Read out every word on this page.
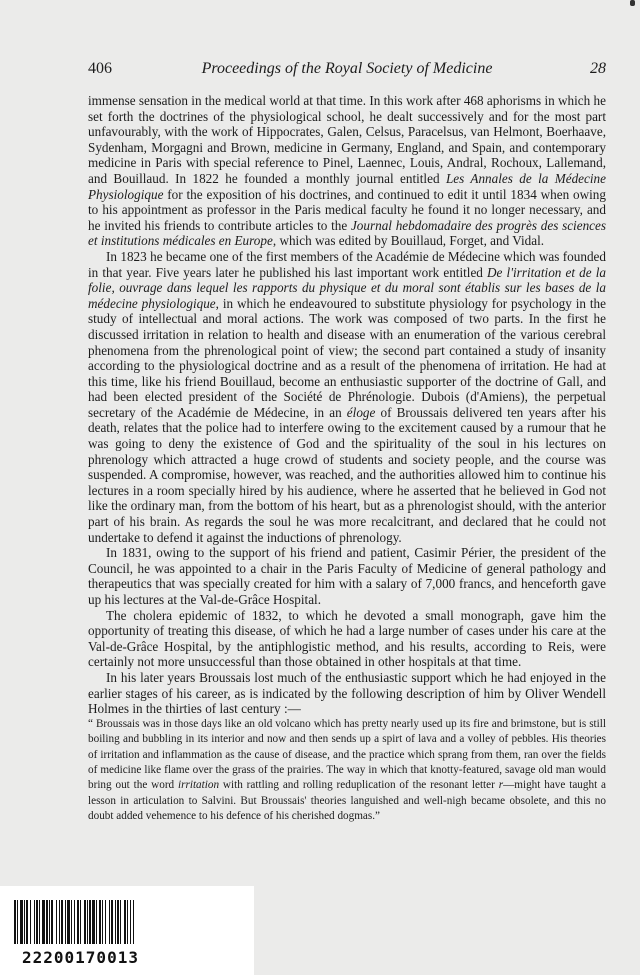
406	Proceedings of the Royal Society of Medicine	28

immense sensation in the medical world at that time. In this work after 468 aphorisms in which he set forth the doctrines of the physiological school, he dealt successively and for the most part unfavourably, with the work of Hippocrates, Galen, Celsus, Paracelsus, van Helmont, Boerhaave, Sydenham, Morgagni and Brown, medicine in Germany, England, and Spain, and contemporary medicine in Paris with special reference to Pinel, Laennec, Louis, Andral, Rochoux, Lallemand, and Bouillaud. In 1822 he founded a monthly journal entitled Les Annales de la Médecine Physiologique for the exposition of his doctrines, and continued to edit it until 1834 when owing to his appointment as professor in the Paris medical faculty he found it no longer necessary, and he invited his friends to contribute articles to the Journal hebdomadaire des progrès des sciences et institutions médicales en Europe, which was edited by Bouillaud, Forget, and Vidal.

In 1823 he became one of the first members of the Académie de Médecine which was founded in that year. Five years later he published his last important work entitled De l'irritation et de la folie, ouvrage dans lequel les rapports du physique et du moral sont établis sur les bases de la médecine physiologique, in which he endeavoured to substitute physiology for psychology in the study of intellectual and moral actions. The work was composed of two parts. In the first he discussed irritation in relation to health and disease with an enumeration of the various cerebral phenomena from the phrenological point of view; the second part contained a study of insanity according to the physiological doctrine and as a result of the phenomena of irritation. He had at this time, like his friend Bouillaud, become an enthusiastic supporter of the doctrine of Gall, and had been elected president of the Société de Phrénologie. Dubois (d'Amiens), the perpetual secretary of the Académie de Médecine, in an éloge of Broussais delivered ten years after his death, relates that the police had to interfere owing to the excitement caused by a rumour that he was going to deny the existence of God and the spirituality of the soul in his lectures on phrenology which attracted a huge crowd of students and society people, and the course was suspended. A compromise, however, was reached, and the authorities allowed him to continue his lectures in a room specially hired by his audience, where he asserted that he believed in God not like the ordinary man, from the bottom of his heart, but as a phrenologist should, with the anterior part of his brain. As regards the soul he was more recalcitrant, and declared that he could not undertake to defend it against the inductions of phrenology.

In 1831, owing to the support of his friend and patient, Casimir Périer, the president of the Council, he was appointed to a chair in the Paris Faculty of Medicine of general pathology and therapeutics that was specially created for him with a salary of 7,000 francs, and henceforth gave up his lectures at the Val-de-Grâce Hospital.

The cholera epidemic of 1832, to which he devoted a small monograph, gave him the opportunity of treating this disease, of which he had a large number of cases under his care at the Val-de-Grâce Hospital, by the antiphlogistic method, and his results, according to Reis, were certainly not more unsuccessful than those obtained in other hospitals at that time.

In his later years Broussais lost much of the enthusiastic support which he had enjoyed in the earlier stages of his career, as is indicated by the following description of him by Oliver Wendell Holmes in the thirties of last century :—

“ Broussais was in those days like an old volcano which has pretty nearly used up its fire and brimstone, but is still boiling and bubbling in its interior and now and then sends up a spirt of lava and a volley of pebbles. His theories of irritation and inflammation as the cause of disease, and the practice which sprang from them, ran over the fields of medicine like flame over the grass of the prairies. The way in which that knotty-featured, savage old man would bring out the word irritation with rattling and rolling reduplication of the resonant letter r—might have taught a lesson in articulation to Salvini. But Broussais' theories languished and well-nigh became obsolete, and this no doubt added vehemence to his defence of his cherished dogmas.”

22200170013
